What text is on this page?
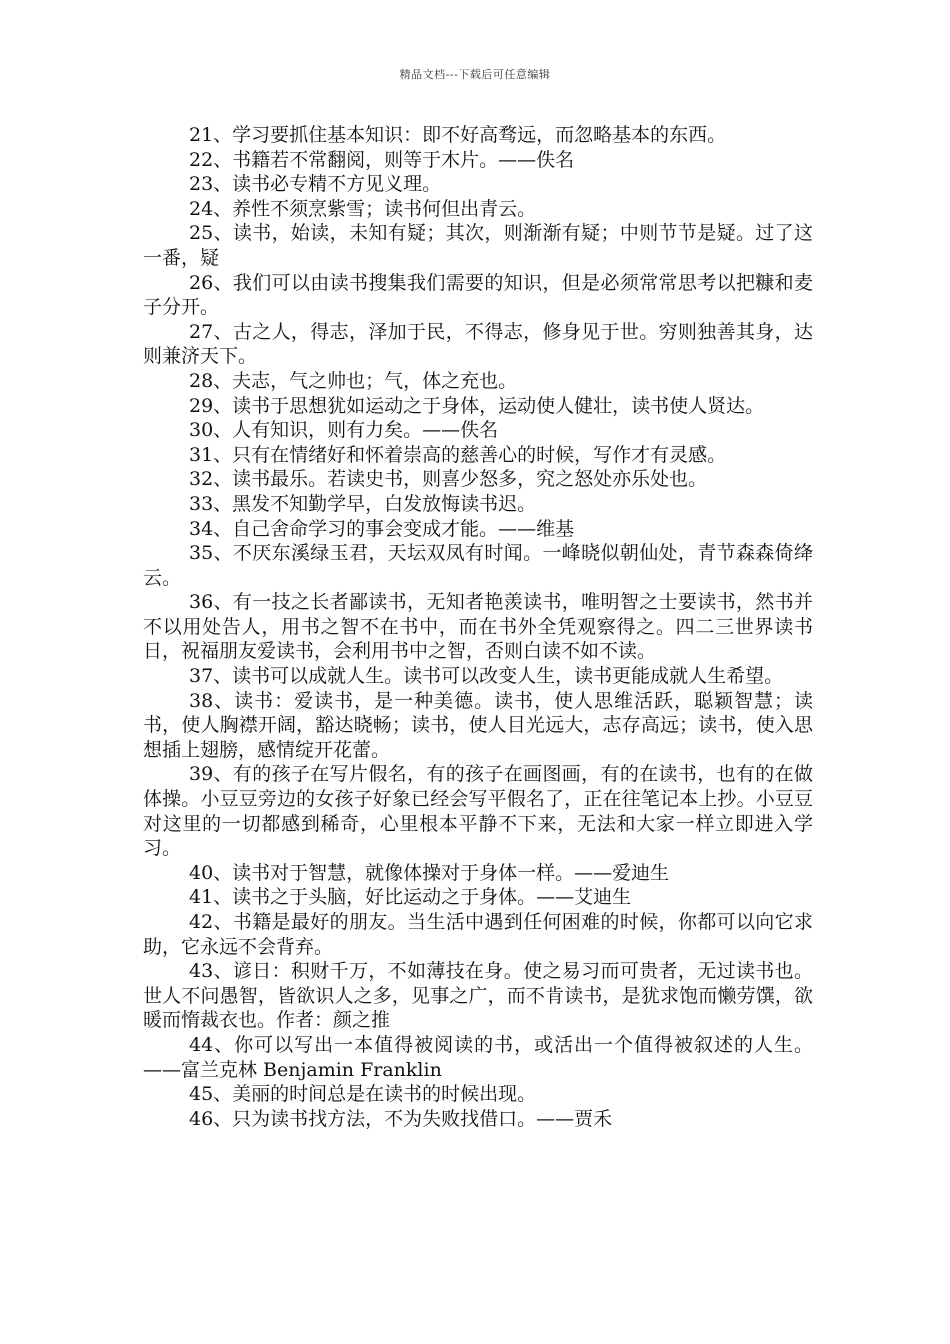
精品文档---下载后可任意编辑

21、学习要抓住基本知识：即不好高骛远，而忽略基本的东西。

22、书籍若不常翻阅，则等于木片。——佚名

23、读书必专精不方见义理。

24、养性不须烹紫雪；读书何但出青云。

25、读书，始读，未知有疑；其次，则渐渐有疑；中则节节是疑。过了这一番，疑

26、我们可以由读书搜集我们需要的知识，但是必须常常思考以把糠和麦子分开。

27、古之人，得志，泽加于民，不得志，修身见于世。穷则独善其身，达则兼济天下。

28、夫志，气之帅也；气，体之充也。

29、读书于思想犹如运动之于身体，运动使人健壮，读书使人贤达。

30、人有知识，则有力矣。——佚名

31、只有在情绪好和怀着崇高的慈善心的时候，写作才有灵感。

32、读书最乐。若读史书，则喜少怒多，究之怒处亦乐处也。

33、黑发不知勤学早，白发放悔读书迟。

34、自己舍命学习的事会变成才能。——维基

35、不厌东溪绿玉君，天坛双凤有时闻。一峰晓似朝仙处，青节森森倚绛云。

36、有一技之长者鄙读书，无知者艳羡读书，唯明智之士要读书，然书并不以用处告人，用书之智不在书中，而在书外全凭观察得之。四二三世界读书日，祝福朋友爱读书，会利用书中之智，否则白读不如不读。

37、读书可以成就人生。读书可以改变人生，读书更能成就人生希望。

38、读书：爱读书，是一种美德。读书，使人思维活跃，聪颖智慧；读书，使人胸襟开阔，豁达晓畅；读书，使人目光远大，志存高远；读书，使入思想插上翅膀，感情绽开花蕾。

39、有的孩子在写片假名，有的孩子在画图画，有的在读书，也有的在做体操。小豆豆旁边的女孩子好象已经会写平假名了，正在往笔记本上抄。小豆豆对这里的一切都感到稀奇，心里根本平静不下来，无法和大家一样立即进入学习。

40、读书对于智慧，就像体操对于身体一样。——爱迪生

41、读书之于头脑，好比运动之于身体。——艾迪生

42、书籍是最好的朋友。当生活中遇到任何困难的时候，你都可以向它求助，它永远不会背弃。

43、谚日：积财千万，不如薄技在身。使之易习而可贵者，无过读书也。世人不问愚智，皆欲识人之多，见事之广，而不肯读书，是犹求饱而懒劳馔，欲暖而惰裁衣也。作者：颜之推

44、你可以写出一本值得被阅读的书，或活出一个值得被叙述的人生。——富兰克林 Benjamin Franklin

45、美丽的时间总是在读书的时候出现。

46、只为读书找方法，不为失败找借口。——贾禾
